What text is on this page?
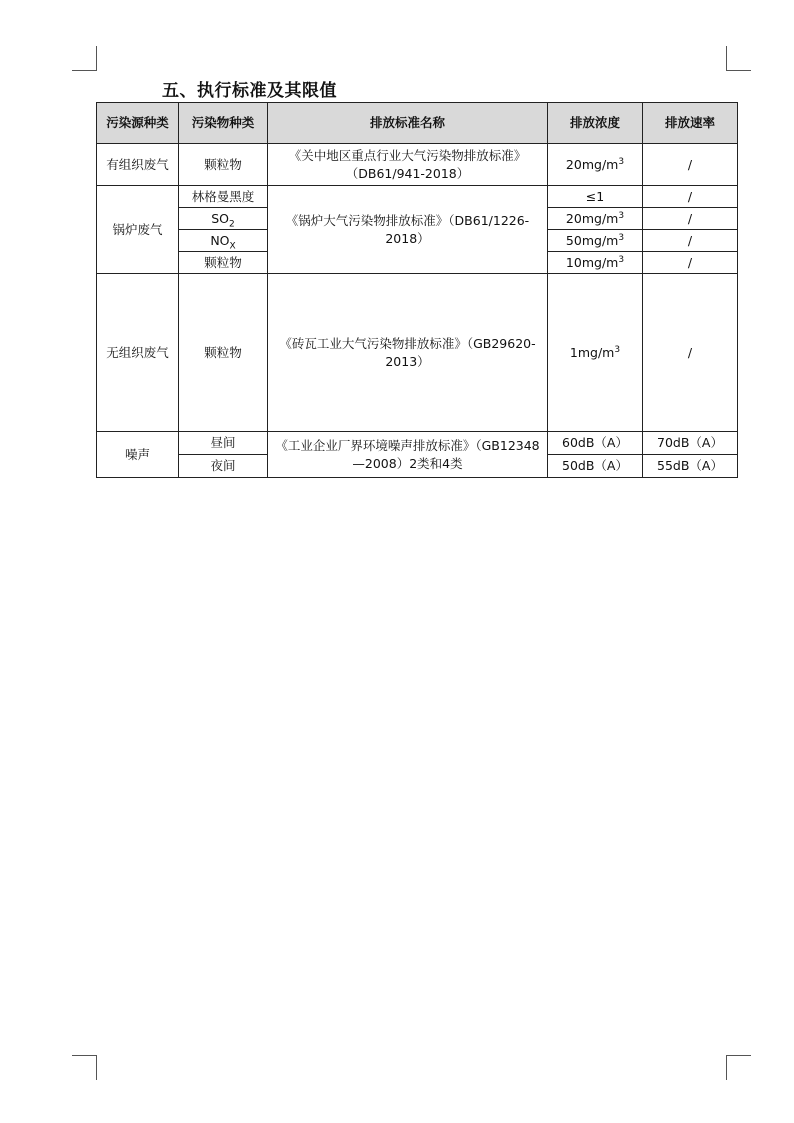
五、执行标准及其限值
污染源种类	污染物种类	排放标准名称	排放浓度	排放速率
有组织废气	颗粒物	《关中地区重点行业大气污染物排放标准》（DB61/941-2018）	$20mg/m^3$	/
锅炉废气	林格曼黑度	《锅炉大气污染物排放标准》（DB61/1226-2018）	≤1	/
	$SO_2$		$20mg/m^3$	/
	$NO_X$		$50mg/m^3$	/
	颗粒物		$10mg/m^3$	/
无组织废气	颗粒物	《砖瓦工业大气污染物排放标准》（GB29620-2013）	$1mg/m^3$	/
噪声	昼间	《工业企业厂界环境噪声排放标准》（GB12348—2008）2类和4类	60dB（A）	70dB（A）
	夜间		50dB（A）	55dB（A）
